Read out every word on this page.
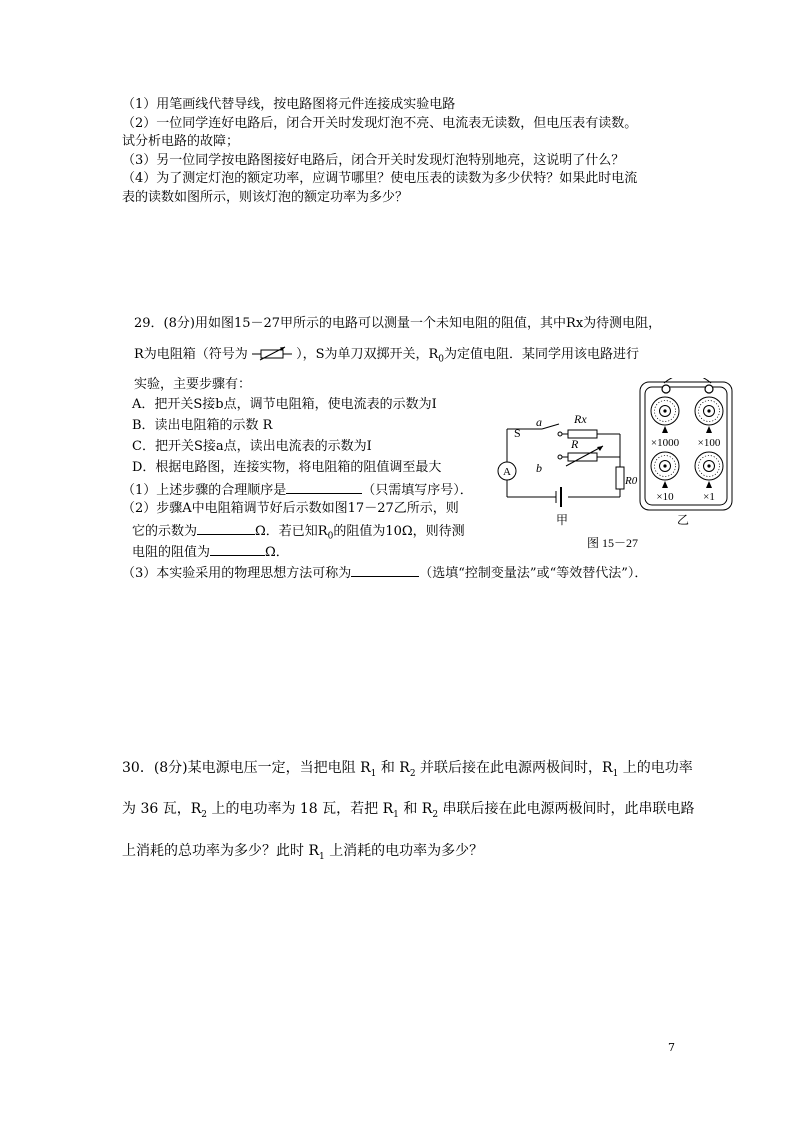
（1）用笔画线代替导线，按电路图将元件连接成实验电路
（2）一位同学连好电路后，闭合开关时发现灯泡不亮、电流表无读数，但电压表有读数。
试分析电路的故障；
（3）另一位同学按电路图接好电路后，闭合开关时发现灯泡特别地亮，这说明了什么？
（4）为了测定灯泡的额定功率，应调节哪里？使电压表的读数为多少伏特？如果此时电流
表的读数如图所示，则该灯泡的额定功率为多少？
29．(8分)用如图15－27甲所示的电路可以测量一个未知电阻的阻值，其中Rx为待测电阻，
R为电阻箱（符号为	），S为单刀双掷开关，$R_0$为定值电阻．某同学用该电路进行
实验，主要步骤有：
A．把开关S接b点，调节电阻箱，使电流表的示数为I
B．读出电阻箱的示数 R
C．把开关S接a点，读出电流表的示数为I
D．根据电路图，连接实物，将电阻箱的阻值调至最大
（1）上述步骤的合理顺序是	（只需填写序号）．
（2）步骤A中电阻箱调节好后示数如图17－27乙所示，则
它的示数为	Ω．若已知$R_0$的阻值为10Ω，则待测
电阻的阻值为	Ω．
（3）本实验采用的物理思想方法可称为	（选填“控制变量法”或“等效替代法”）．
A
S
a
b
Rx
R
R0
甲
图 15－27
×1000 ×100
×10	×1
乙
30．(8分)某电源电压一定，当把电阻 $R_1$ 和 $R_2$ 并联后接在此电源两极间时，$R_1$ 上的电功率
为 36 瓦，$R_2$ 上的电功率为 18 瓦，若把 $R_1$ 和 $R_2$ 串联后接在此电源两极间时，此串联电路
上消耗的总功率为多少？此时 $R_1$ 上消耗的电功率为多少？
7
